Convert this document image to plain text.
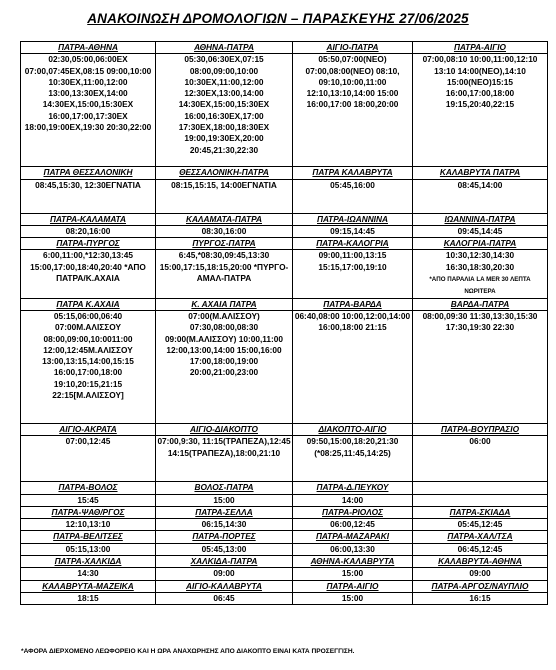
ΑΝΑΚΟΙΝΩΣΗ ΔΡΟΜΟΛΟΓΙΩΝ – ΠΑΡΑΣΚΕΥΗΣ 27/06/2025
ΠΑΤΡΑ-ΑΘΗΝΑ	ΑΘΗΝΑ-ΠΑΤΡΑ	ΑΙΓΙΟ-ΠΑΤΡΑ	ΠΑΤΡΑ-ΑΙΓΙΟ
02:30,05:00,06:00ΕΧ 07:00,07:45ΕΧ,08:15 09:00,10:00 10:30ΕΧ,11:00,12:00 13:00,13:30ΕΧ,14:00 14:30ΕΧ,15:00,15:30ΕΧ 16:00,17:00,17:30ΕΧ 18:00,19:00ΕΧ,19:30 20:30,22:00	05:30,06:30ΕΧ,07:15 08:00,09:00,10:00 10:30ΕΧ,11:00,12:00 12:30ΕΧ,13:00,14:00 14:30ΕΧ,15:00,15:30ΕΧ 16:00,16:30ΕΧ,17:00 17:30ΕΧ,18:00,18:30ΕΧ 19:00,19:30ΕΧ,20:00 20:45,21:30,22:30	05:50,07:00(ΝΕΟ) 07:00,08:00(ΝΕΟ) 08:10, 09:10,10:00,11:00 12:10,13:10,14:00 15:00 16:00,17:00 18:00,20:00	07:00,08:10 10:00,11:00,12:10 13:10 14:00(ΝΕΟ),14:10 15:00(ΝΕΟ)15:15 16:00,17:00,18:00 19:15,20:40,22:15
ΠΑΤΡΑ ΘΕΣΣΑΛΟΝΙΚΗ	ΘΕΣΣΑΛΟΝΙΚΗ-ΠΑΤΡΑ	ΠΑΤΡΑ ΚΑΛΑΒΡΥΤΑ	ΚΑΛΑΒΡΥΤΑ ΠΑΤΡΑ
08:45,15:30, 12:30ΕΓΝΑΤΙΑ	08:15,15:15, 14:00ΕΓΝΑΤΙΑ	05:45,16:00	08:45,14:00
ΠΑΤΡΑ-ΚΑΛΑΜΑΤΑ	ΚΑΛΑΜΑΤΑ-ΠΑΤΡΑ	ΠΑΤΡΑ-ΙΩΑΝΝΙΝΑ	ΙΩΑΝΝΙΝΑ-ΠΑΤΡΑ
08:20,16:00	08:30,16:00	09:15,14:45	09:45,14:45
ΠΑΤΡΑ-ΠΥΡΓΟΣ	ΠΥΡΓΟΣ-ΠΑΤΡΑ	ΠΑΤΡΑ-ΚΑΛΟΓΡΙΑ	ΚΑΛΟΓΡΙΑ-ΠΑΤΡΑ
6:00,11:00,*12:30,13:45 15:00,17:00,18:40,20:40 *ΑΠΟ ΠΑΤΡΑ/Κ.ΑΧΑΙΑ	6:45,*08:30,09:45,13:30 15:00,17:15,18:15,20:00 *ΠΥΡΓΟ-ΑΜΑΛ-ΠΑΤΡΑ	09:00,11:00,13:15 15:15,17:00,19:10	10:30,12:30,14:30 16:30,18:30,20:30
*ΑΠΟ ΠΑΡΑΛΙΑ LA MER 30 ΛΕΠΤΑ ΝΩΡΙΤΕΡΑ
ΠΑΤΡΑ Κ.ΑΧΑΙΑ	Κ. ΑΧΑΙΑ ΠΑΤΡΑ	ΠΑΤΡΑ-ΒΑΡΔΑ	ΒΑΡΔΑ-ΠΑΤΡΑ
05:15,06:00,06:40 07:00Μ.ΑΛΙΣΣΟΥ 08:00,09:00,10:0011:00 12:00,12:45Μ.ΑΛΙΣΣΟΥ 13:00,13:15,14:00,15:15 16:00,17:00,18:00 19:10,20:15,21:15 22:15[Μ.ΑΛΙΣΣΟΥ]	07:00(Μ.ΑΛΙΣΣΟΥ) 07:30,08:00,08:30 09:00(Μ.ΑΛΙΣΣΟΥ) 10:00,11:00 12:00,13:00,14:00 15:00,16:00 17:00,18:00,19:00 20:00,21:00,23:00	06:40,08:00 10:00,12:00,14:00 16:00,18:00 21:15	08:00,09:30 11:30,13:30,15:30 17:30,19:30 22:30
ΑΙΓΙΟ-ΑΚΡΑΤΑ	ΑΙΓΙΟ-ΔΙΑΚΟΠΤΟ	ΔΙΑΚΟΠΤΟ-ΑΙΓΙΟ	ΠΑΤΡΑ-ΒΟΥΠΡΑΣΙΟ
07:00,12:45	07:00,9:30, 11:15(ΤΡΑΠΕΖΑ),12:45 14:15(ΤΡΑΠΕΖΑ),18:00,21:10	09:50,15:00,18:20,21:30 (*08:25,11:45,14:25)	06:00
ΠΑΤΡΑ-ΒΟΛΟΣ	ΒΟΛΟΣ-ΠΑΤΡΑ	ΠΑΤΡΑ-Δ.ΠΕΥΚΟΥ	
15:45	15:00	14:00	
ΠΑΤΡΑ-ΨΑΘ/ΡΓΟΣ	ΠΑΤΡΑ-ΣΕΛΛΑ	ΠΑΤΡΑ-ΡΙΟΛΟΣ	ΠΑΤΡΑ-ΣΚΙΑΔΑ
12:10,13:10	06:15,14:30	06:00,12:45	05:45,12:45
ΠΑΤΡΑ-ΒΕΛΙΤΣΕΣ	ΠΑΤΡΑ-ΠΟΡΤΕΣ	ΠΑΤΡΑ-ΜΑΖΑΡΑΚΙ	ΠΑΤΡΑ-ΧΑΛ/ΤΣΑ
05:15,13:00	05:45,13:00	06:00,13:30	06:45,12:45
ΠΑΤΡΑ-ΧΑΛΚΙΔΑ	ΧΑΛΚΙΔΑ-ΠΑΤΡΑ	ΑΘΗΝΑ-ΚΑΛΑΒΡΥΤΑ	ΚΑΛΑΒΡΥΤΑ-ΑΘΗΝΑ
14:30	09:00	15:00	09:00
ΚΑΛΑΒΡΥΤΑ-ΜΑΖΕΙΚΑ	ΑΙΓΙΟ-ΚΑΛΑΒΡΥΤΑ	ΠΑΤΡΑ-ΑΙΓΙΟ	ΠΑΤΡΑ-ΑΡΓΟΣ/ΝΑΥΠΛΙΟ
18:15	06:45	15:00	16:15
*ΑΦΟΡΑ ΔΙΕΡΧΟΜΕΝΟ ΛΕΩΦΟΡΕΙΟ ΚΑΙ Η ΩΡΑ ΑΝΑΧΩΡΗΣΗΣ ΑΠΟ ΔΙΑΚΟΠΤΟ ΕΙΝΑΙ ΚΑΤΑ ΠΡΟΣΕΓΓΙΣΗ.
